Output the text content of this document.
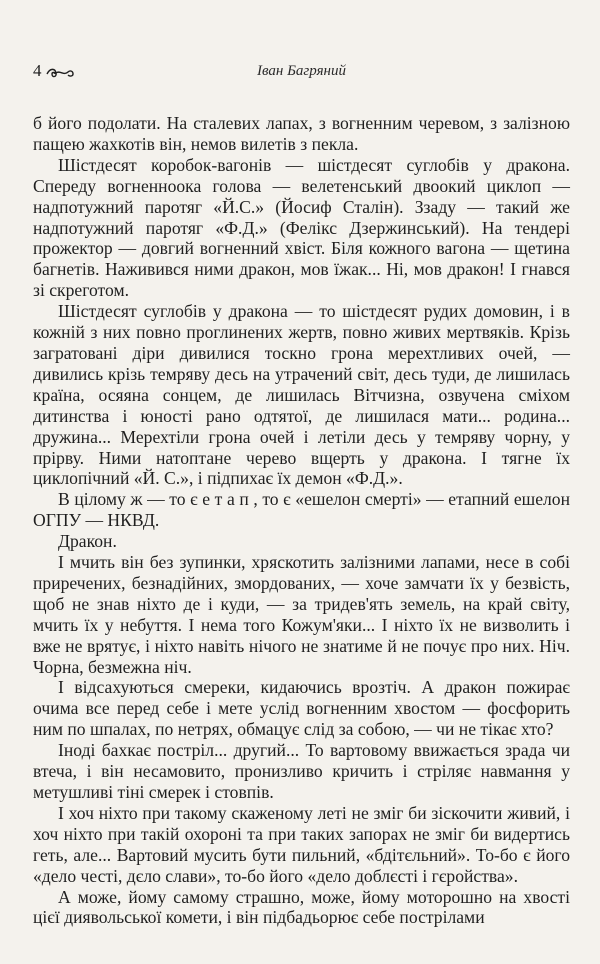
4	Іван Багряний

б його подолати. На сталевих лапах, з вогненним черевом, з залізною пащею жахкотів він, немов вилетів з пекла.

Шістдесят коробок-вагонів — шістдесят суглобів у дракона. Спереду вогненноока голова — велетенський двоокий циклоп — надпотужний паротяг «Й.С.» (Йосиф Сталін). Ззаду — такий же надпотужний паротяг «Ф.Д.» (Фелікс Дзержинський). На тендері прожектор — довгий вогненний хвіст. Біля кожного вагона — щетина багнетів. Наживився ними дракон, мов їжак... Ні, мов дракон! І гнався зі скреготом.

Шістдесят суглобів у дракона — то шістдесят рудих домовин, і в кожній з них повно проглинених жертв, повно живих мертвяків. Крізь загратовані діри дивилися тоскно грона мерехтливих очей, — дивились крізь темряву десь на утрачений світ, десь туди, де лишилась країна, осяяна сонцем, де лишилась Вітчизна, озвучена сміхом дитинства і юності рано одтятої, де лишилася мати... родина... дружина... Мерехтіли грона очей і летіли десь у темряву чорну, у прірву. Ними натоптане черево вщерть у дракона. І тягне їх циклопічний «Й. С.», і підпихає їх демон «Ф.Д.».

В цілому ж — то є е т а п , то є «ешелон смерті» — етапний ешелон ОГПУ — НКВД.

Дракон.

І мчить він без зупинки, хряскотить залізними лапами, несе в собі приречених, безнадійних, змордованих, — хоче замчати їх у безвість, щоб не знав ніхто де і куди, — за тридев'ять земель, на край світу, мчить їх у небуття. І нема того Кожум'яки... І ніхто їх не визволить і вже не врятує, і ніхто навіть нічого не знатиме й не почує про них. Ніч. Чорна, безмежна ніч.

І відсахуються смереки, кидаючись врозтіч. А дракон пожирає очима все перед себе і мете услід вогненним хвостом — фосфорить ним по шпалах, по нетрях, обмацує слід за собою, — чи не тікає хто?

Іноді бахкає постріл... другий... То вартовому ввижається зрада чи втеча, і він несамовито, пронизливо кричить і стріляє навмання у метушливі тіні смерек і стовпів.

І хоч ніхто при такому скаженому леті не зміг би зіскочити живий, і хоч ніхто при такій охороні та при таких запорах не зміг би видертись геть, але... Вартовий мусить бути пильний, «бдітєльний». То-бо є його «дело честі, дєло слави», то-бо його «дело доблєсті і гєройства».

А може, йому самому страшно, може, йому моторошно на хвості цієї диявольської комети, і він підбадьорює себе пострілами
